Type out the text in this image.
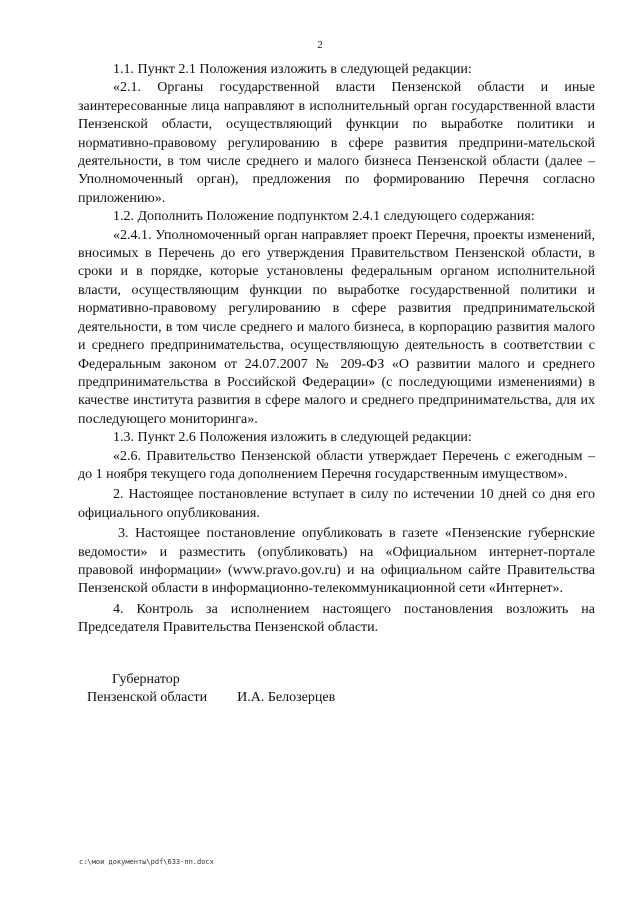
2

1.1. Пункт 2.1 Положения изложить в следующей редакции:

«2.1. Органы государственной власти Пензенской области и иные заинтересованные лица направляют в исполнительный орган государственной власти Пензенской области, осуществляющий функции по выработке политики и нормативно-правовому регулированию в сфере развития предприни-мательской деятельности, в том числе среднего и малого бизнеса Пензенской области (далее – Уполномоченный орган), предложения по формированию Перечня согласно приложению».

1.2. Дополнить Положение подпунктом 2.4.1 следующего содержания:

«2.4.1. Уполномоченный орган направляет проект Перечня, проекты изменений, вносимых в Перечень до его утверждения Правительством Пензенской области, в сроки и в порядке, которые установлены федеральным органом исполнительной власти, осуществляющим функции по выработке государственной политики и нормативно-правовому регулированию в сфере развития предпринимательской деятельности, в том числе среднего и малого бизнеса, в корпорацию развития малого и среднего предпринимательства, осуществляющую деятельность в соответствии с Федеральным законом от 24.07.2007 № 209-ФЗ «О развитии малого и среднего предпринимательства в Российской Федерации» (с последующими изменениями) в качестве института развития в сфере малого и среднего предпринимательства, для их последующего мониторинга».

1.3. Пункт 2.6 Положения изложить в следующей редакции:

«2.6. Правительство Пензенской области утверждает Перечень с ежегодным – до 1 ноября текущего года дополнением Перечня государственным имуществом».

2. Настоящее постановление вступает в силу по истечении 10 дней со дня его официального опубликования.

3. Настоящее постановление опубликовать в газете «Пензенские губернские ведомости» и разместить (опубликовать) на «Официальном интернет-портале правовой информации» (www.pravo.gov.ru) и на официальном сайте Правительства Пензенской области в информационно-телекоммуникационной сети «Интернет».

4. Контроль за исполнением настоящего постановления возложить на Председателя Правительства Пензенской области.

Губернатор
Пензенской области И.А. Белозерцев
c:\мои документы\pdf\633-пп.docx
